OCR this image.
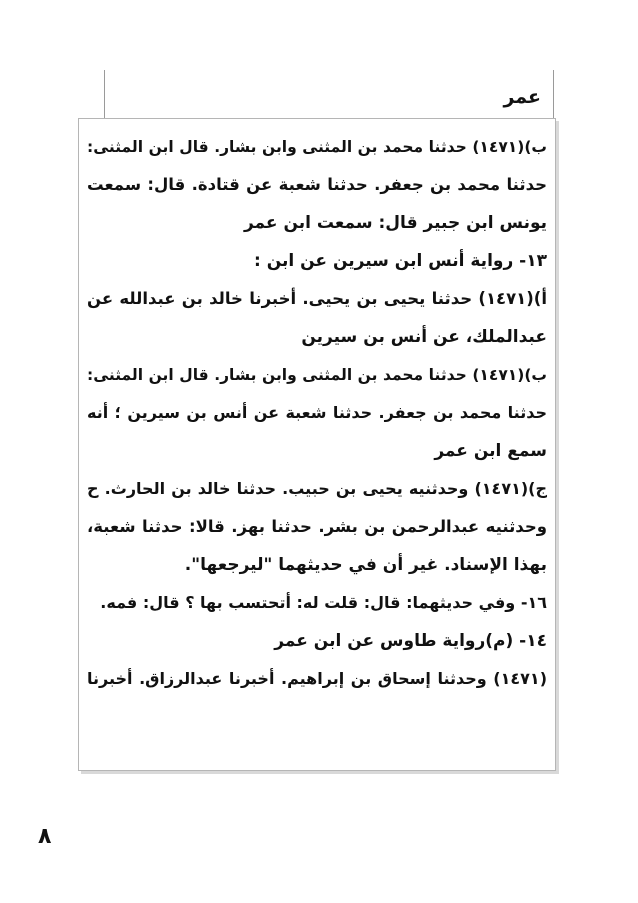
عمر
ب)(١٤٧١) حدثنا محمد بن المثنى وابن بشار. قال ابن المثنى:
حدثنا محمد بن جعفر. حدثنا شعبة عن قتادة. قال: سمعت
يونس ابن جبير قال: سمعت ابن عمر
١٣- رواية أنس ابن سيرين عن ابن :
أ)(١٤٧١) حدثنا يحيى بن يحيى. أخبرنا خالد بن عبدالله عن
عبدالملك، عن أنس بن سيرين
ب)(١٤٧١) حدثنا محمد بن المثنى وابن بشار. قال ابن المثنى:
حدثنا محمد بن جعفر. حدثنا شعبة عن أنس بن سيرين ؛ أنه
سمع ابن عمر
ج)(١٤٧١) وحدثنيه يحيى بن حبيب. حدثنا خالد بن الحارث. ح
وحدثنيه عبدالرحمن بن بشر. حدثنا بهز. قالا: حدثنا شعبة،
بهذا الإسناد. غير أن في حديثهما "ليرجعها".
١٦- وفي حديثهما: قال: قلت له: أتحتسب بها ؟ قال: فمه.
١٤- (م)رواية طاوس عن ابن عمر
(١٤٧١) وحدثنا إسحاق بن إبراهيم. أخبرنا عبدالرزاق. أخبرنا
٨
